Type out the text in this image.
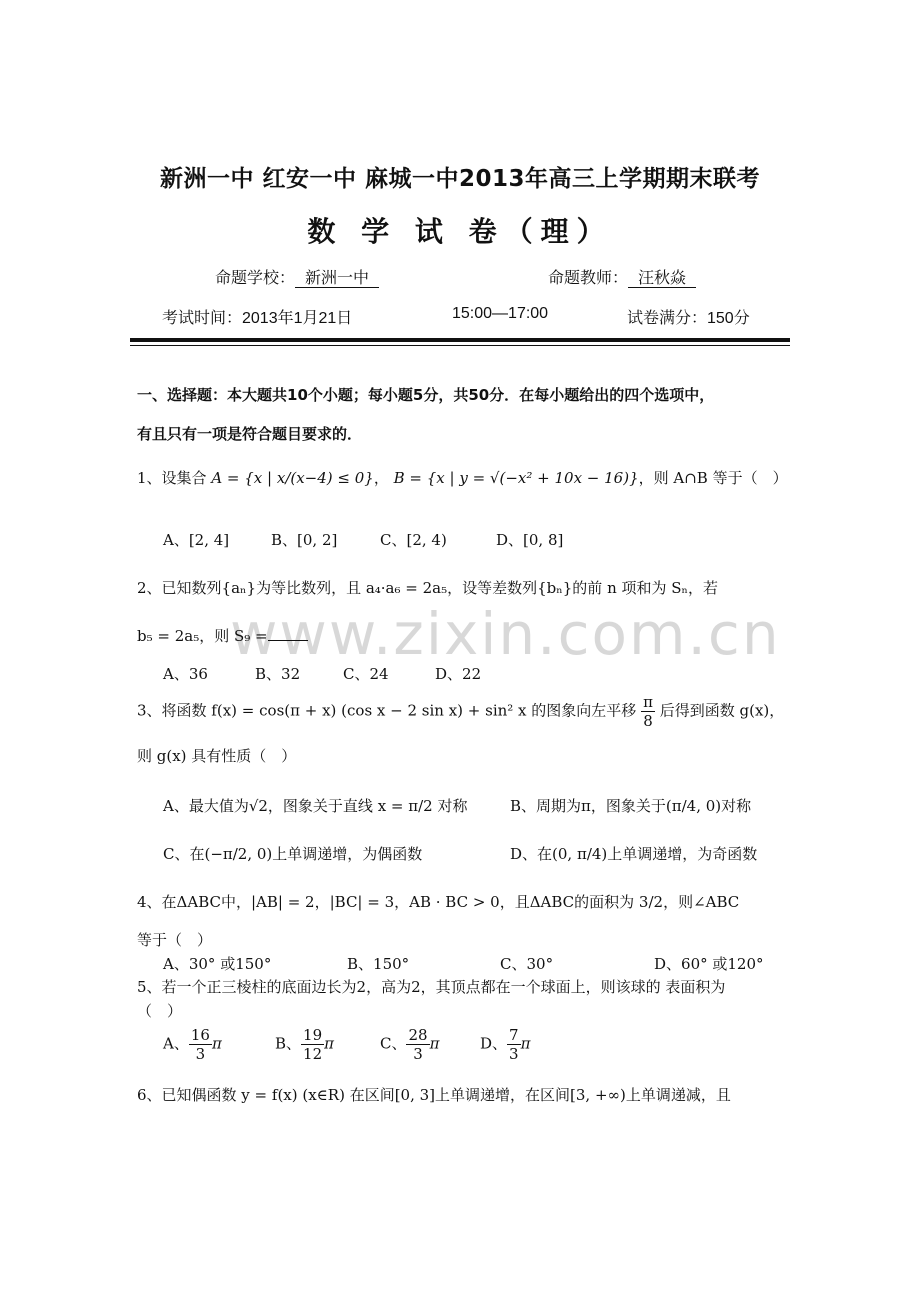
新洲一中 红安一中 麻城一中2013年高三上学期期末联考
数 学 试 卷（理）
命题学校： 新洲一中	命题教师： 汪秋焱
考试时间：2013年1月21日	15:00—17:00	试卷满分：150分
www.zixin.com.cn
一、选择题：本大题共10个小题；每小题5分，共50分．在每小题给出的四个选项中，
有且只有一项是符合题目要求的．
1、设集合 A = {x | x/(x−4) ≤ 0}， B = {x | y = √(−x² + 10x − 16)}，则 A∩B 等于（　）
A、[2, 4]	B、[0, 2]	C、[2, 4)	D、[0, 8]
2、已知数列{aₙ}为等比数列，且 a₄·a₆ = 2a₅，设等差数列{bₙ}的前 n 项和为 Sₙ，若
b₅ = 2a₅，则 S₉ =
A、36	B、32	C、24	D、22
3、将函数 f(x) = cos(π + x) (cos x − 2 sin x) + sin² x 的图象向左平移 $\frac{\pi}{8}$ 后得到函数 g(x)，
则 g(x) 具有性质（　）
A、最大值为√2，图象关于直线 x = π/2 对称	B、周期为π，图象关于(π/4, 0)对称
C、在(−π/2, 0)上单调递增，为偶函数	D、在(0, π/4)上单调递增，为奇函数
4、在ΔABC中，|AB| = 2，|BC| = 3，AB · BC > 0，且ΔABC的面积为 3/2，则∠ABC
等于（　）
A、30° 或150°	B、150°	C、30°	D、60° 或120°
5、若一个正三棱柱的底面边长为2，高为2，其顶点都在一个球面上，则该球的 表面积为
（　）
A、 $\frac{16}{3}$ π	B、 $\frac{19}{12}$ π	C、 $\frac{28}{3}$ π	D、 $\frac{7}{3}$ π
6、已知偶函数 y = f(x) (x∈R) 在区间[0, 3]上单调递增，在区间[3, +∞)上单调递减，且
